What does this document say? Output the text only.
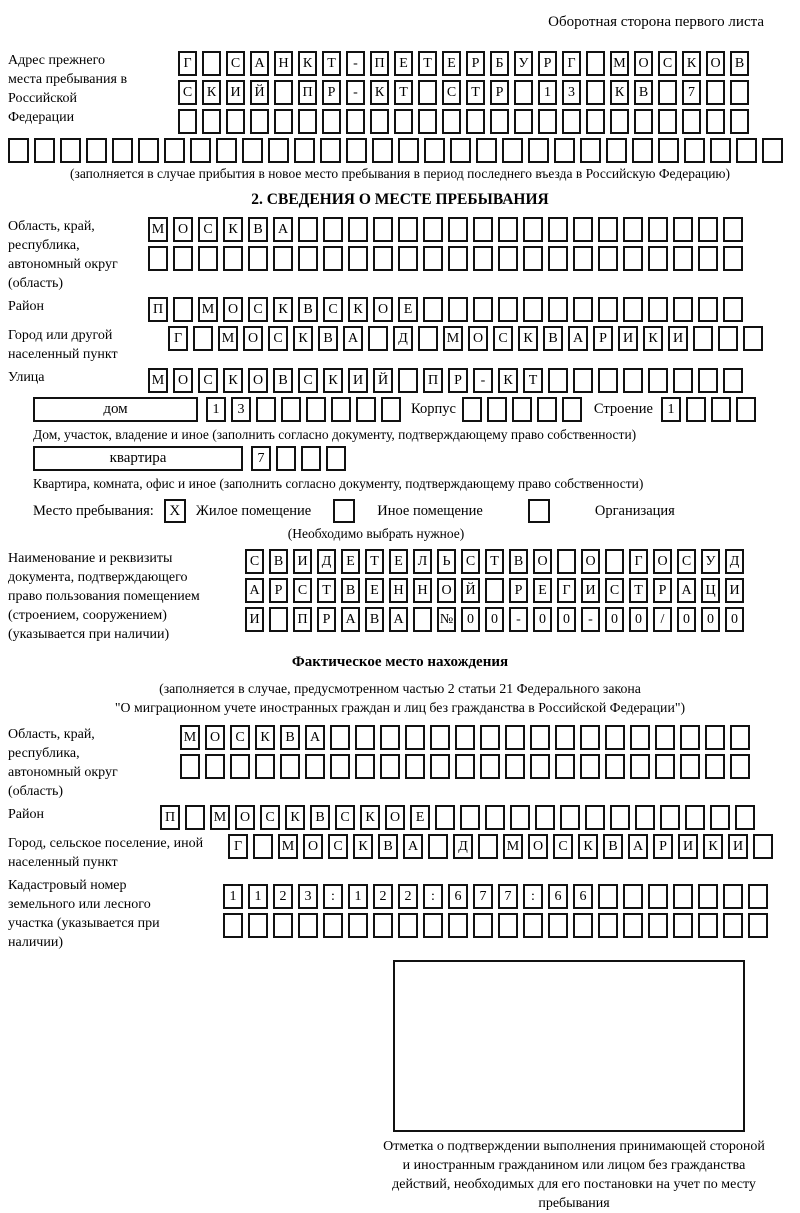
Оборотная сторона первого листа
Адрес прежнего места пребывания в Российской Федерации
Г	С	А Н	К	Т	-	П	Е	Т	Е	Р	Б	У	Р	Г	М О	С	К	О	В
С	К	И Й	П	Р	-	К	Т	С	Т	Р	1	3	К	В	7
(заполняется в случае прибытия в новое место пребывания в период последнего въезда в Российскую Федерацию)
2. СВЕДЕНИЯ О МЕСТЕ ПРЕБЫВАНИЯ
Область, край, республика, автономный округ (область)
М О	С	К	В	А
Район	П	М О	С	К	В	С	К	О	Е
Город или другой населенный пункт
Г	М О	С	К	В	А	Д	М О	С	К	В	А	Р	И	К	И
Улица	М О	С	К	О	В	С	К	И	Й	П	Р	-	К	Т
дом	1	3	Корпус	Строение	1
Дом, участок, владение и иное (заполнить согласно документу, подтверждающему право собственности)
квартира	7
Квартира, комната, офис и иное (заполнить согласно документу, подтверждающему право собственности)
Место пребывания:	X	Жилое помещение	Иное помещение	Организация
(Необходимо выбрать нужное)
Наименование и реквизиты документа, подтверждающего право пользования помещением (строением, сооружением) (указывается при наличии)
С	В	И	Д	Е	Т	Е	Л	Ь	С	Т	В	О	О	Г	О	С	У	Д
А	Р	С	Т	В	Е	Н Н О Й	Р	Е	Г	И	С	Т	Р	А Ц И
И	П	Р	А	В	А	№ 0	0	-	0	0	-	0	0	/	0	0	0
Фактическое место нахождения
(заполняется в случае, предусмотренном частью 2 статьи 21 Федерального закона
"О миграционном учете иностранных граждан и лиц без гражданства в Российской Федерации")
Область, край, республика, автономный округ (область)
М О	С	К	В	А
Район	П	М О	С	К	В	С	К	О	Е
Город, сельское поселение, иной населенный пункт
Г	М О	С	К	В	А	Д	М О	С	К	В	А	Р	И	К	И
Кадастровый номер земельного или лесного участка (указывается при наличии)
1	1	2	3	:	1	2	2	:	6	7	7	:	6	6
Отметка о подтверждении выполнения принимающей стороной и иностранным гражданином или лицом без гражданства действий, необходимых для его постановки на учет по месту пребывания
